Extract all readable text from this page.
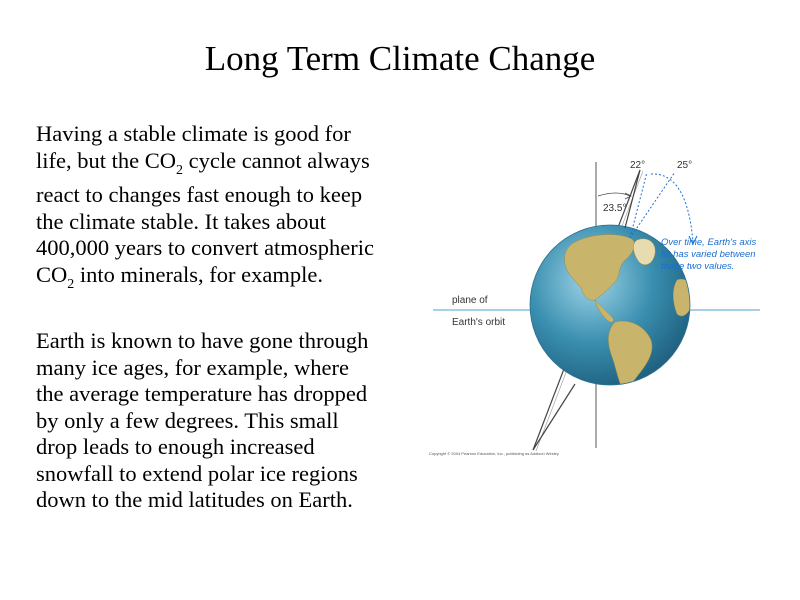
Long Term Climate Change
Having a stable climate is good for
life, but the $CO_2$ cycle cannot always
react to changes fast enough to keep
the climate stable. It takes about
400,000 years to convert atmospheric
$CO_2$ into minerals, for example.
Earth is known to have gone through
many ice ages, for example, where
the average temperature has dropped
by only a few degrees. This small
drop leads to enough increased
snowfall to extend polar ice regions
down to the mid latitudes on Earth.
22°	25°
23.5°
Over time, Earth's axis
tilt has varied between
these two values.
plane of
Earth's orbit
Copyright © 2004 Pearson Education, Inc., publishing as Addison Wesley
